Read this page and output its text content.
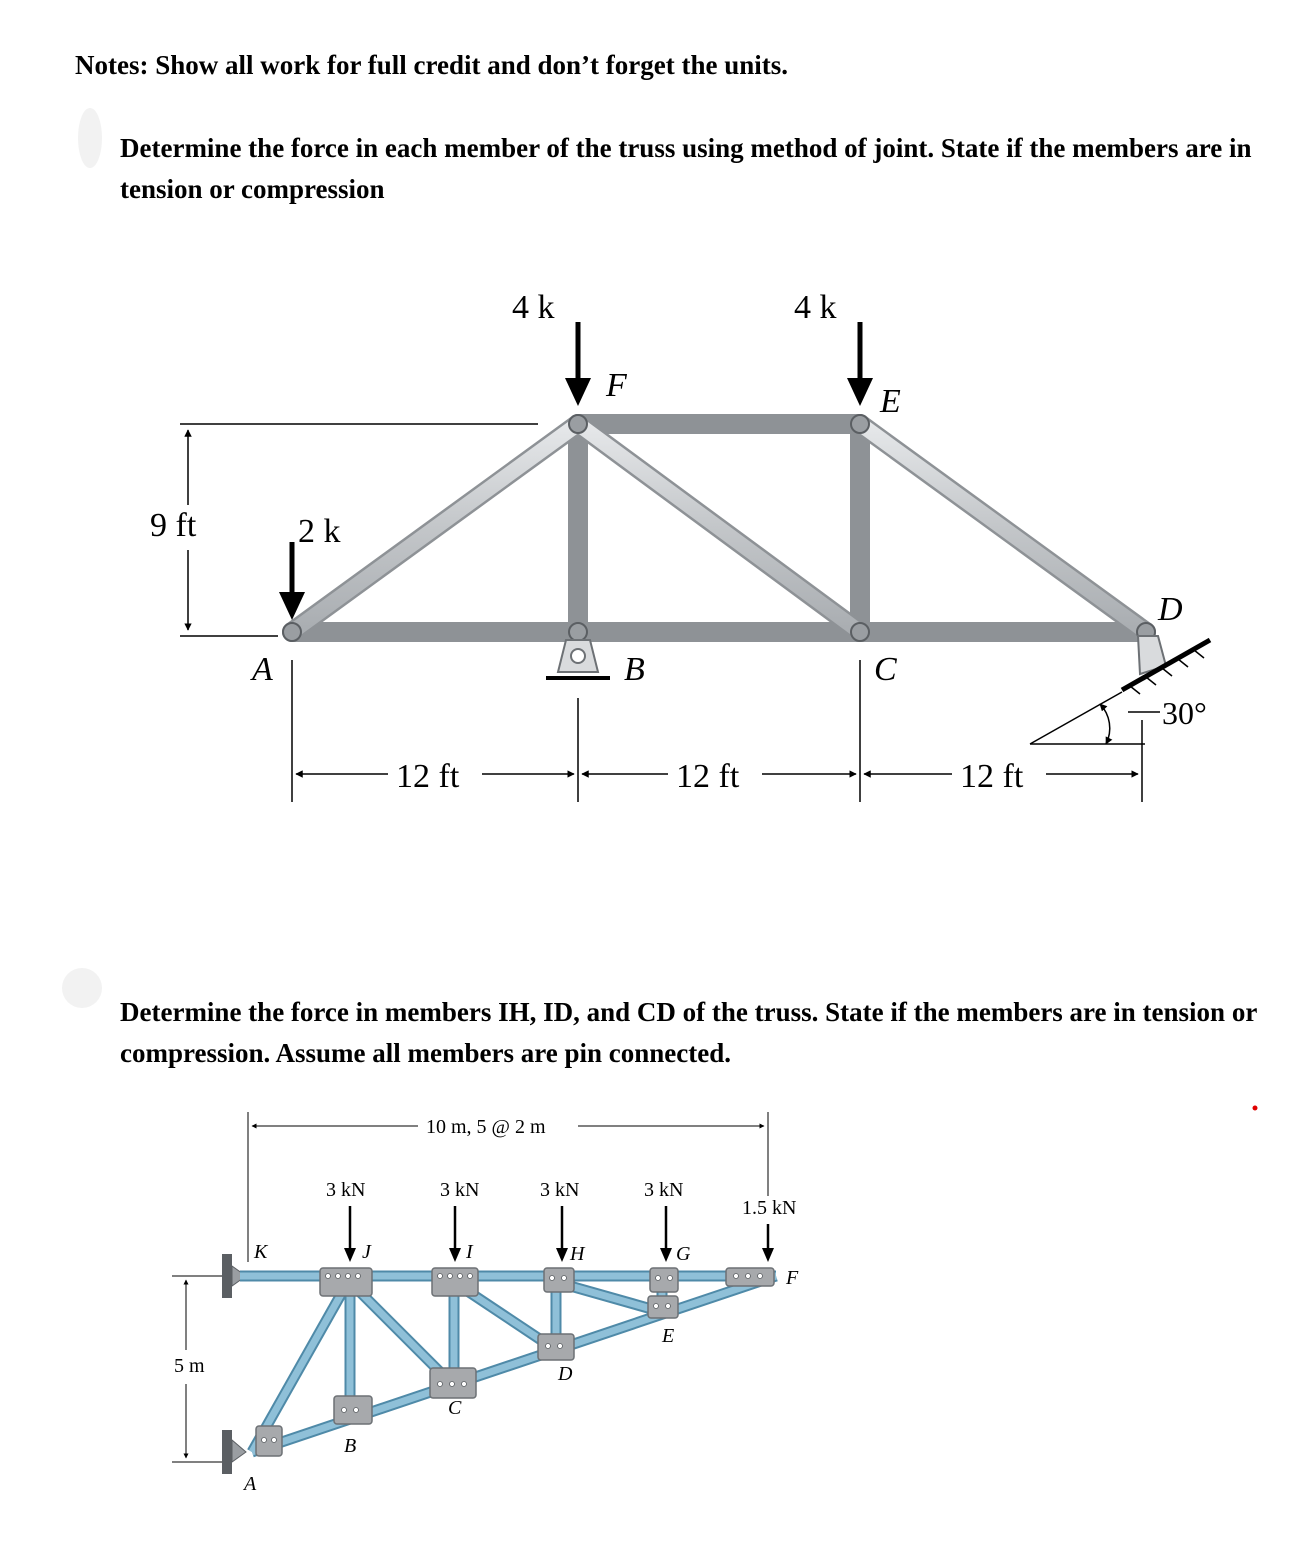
Notes: Show all work for full credit and don’t forget the units.
Determine the force in each member of the truss using method of joint. State if the members are in tension or compression
Determine the force in members IH, ID, and CD of the truss. State if the members are in tension or compression. Assume all members are pin connected.
9 ft
30°
4 k	4 k
2 k
A	B	C
D
E
F
12 ft	12 ft	12 ft
10 m, 5 @ 2 m
5 m
3 kN	3 kN	3 kN	3 kN
1.5 kN
K	J	I	H	G
F
E
D
C
B
A
